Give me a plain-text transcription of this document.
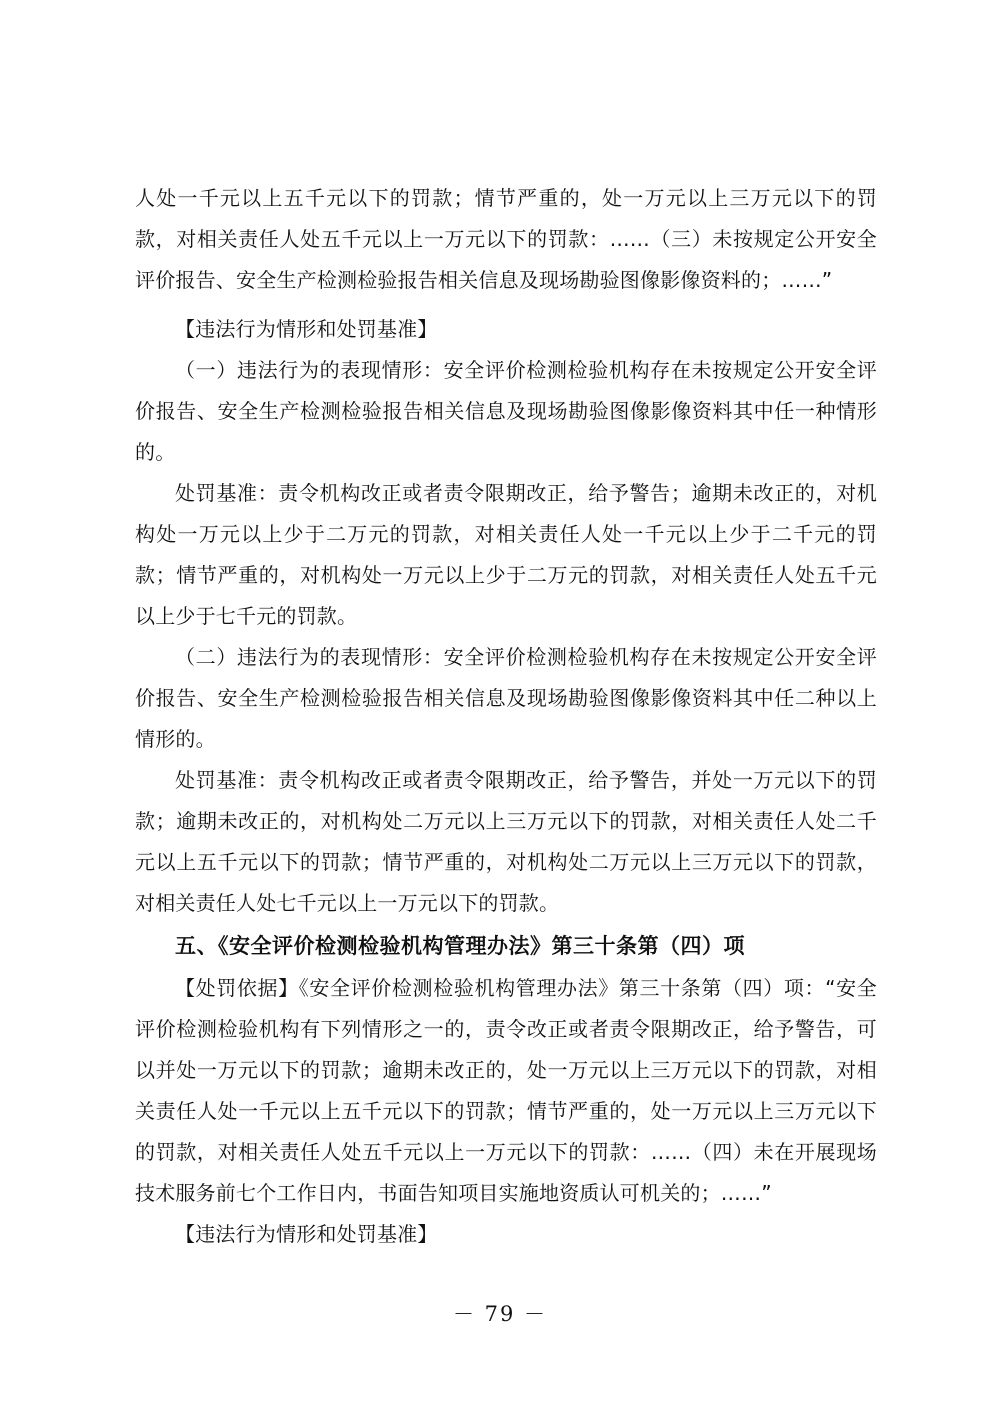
人处一千元以上五千元以下的罚款；情节严重的，处一万元以上三万元以下的罚款，对相关责任人处五千元以上一万元以下的罚款：……（三）未按规定公开安全评价报告、安全生产检测检验报告相关信息及现场勘验图像影像资料的；……”

【违法行为情形和处罚基准】

（一）违法行为的表现情形：安全评价检测检验机构存在未按规定公开安全评价报告、安全生产检测检验报告相关信息及现场勘验图像影像资料其中任一种情形的。

处罚基准：责令机构改正或者责令限期改正，给予警告；逾期未改正的，对机构处一万元以上少于二万元的罚款，对相关责任人处一千元以上少于二千元的罚款；情节严重的，对机构处一万元以上少于二万元的罚款，对相关责任人处五千元以上少于七千元的罚款。

（二）违法行为的表现情形：安全评价检测检验机构存在未按规定公开安全评价报告、安全生产检测检验报告相关信息及现场勘验图像影像资料其中任二种以上情形的。

处罚基准：责令机构改正或者责令限期改正，给予警告，并处一万元以下的罚款；逾期未改正的，对机构处二万元以上三万元以下的罚款，对相关责任人处二千元以上五千元以下的罚款；情节严重的，对机构处二万元以上三万元以下的罚款，对相关责任人处七千元以上一万元以下的罚款。

五、《安全评价检测检验机构管理办法》第三十条第（四）项

【处罚依据】《安全评价检测检验机构管理办法》第三十条第（四）项：“安全评价检测检验机构有下列情形之一的，责令改正或者责令限期改正，给予警告，可以并处一万元以下的罚款；逾期未改正的，处一万元以上三万元以下的罚款，对相关责任人处一千元以上五千元以下的罚款；情节严重的，处一万元以上三万元以下的罚款，对相关责任人处五千元以上一万元以下的罚款：……（四）未在开展现场技术服务前七个工作日内，书面告知项目实施地资质认可机关的；……”

【违法行为情形和处罚基准】

－ 79 －
